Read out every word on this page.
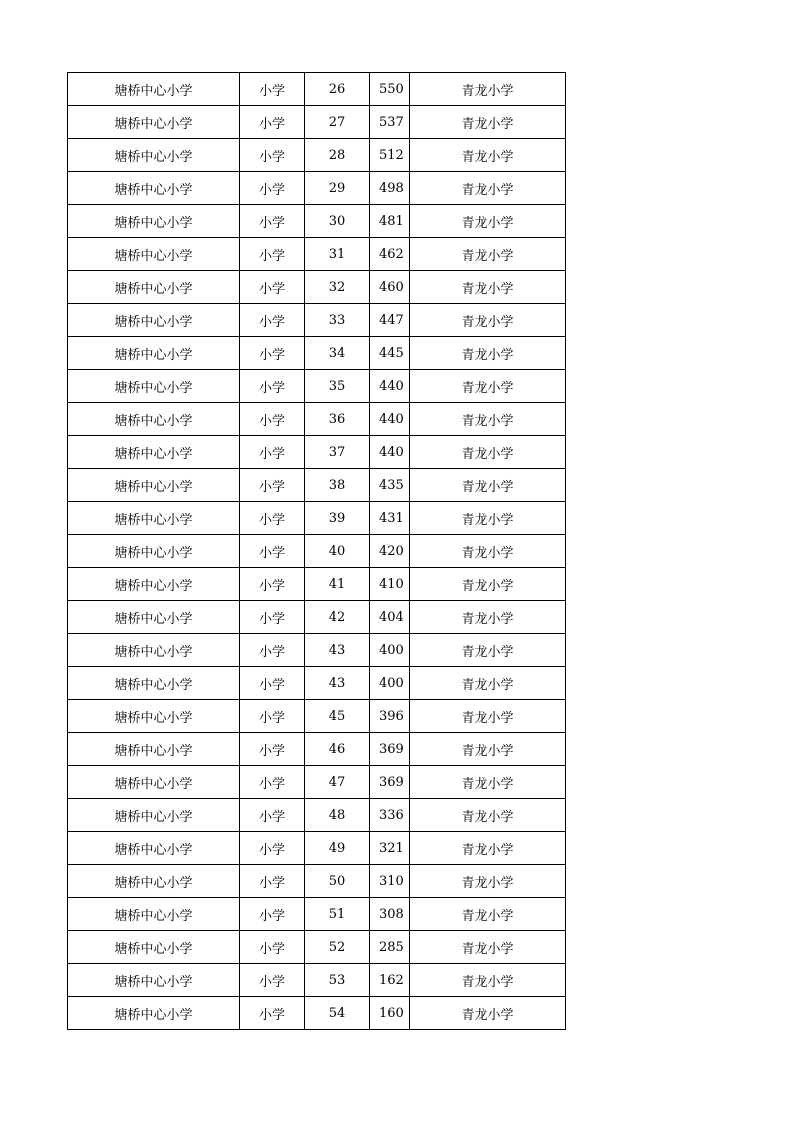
塘桥中心小学	小学	26	550	青龙小学
塘桥中心小学	小学	27	537	青龙小学
塘桥中心小学	小学	28	512	青龙小学
塘桥中心小学	小学	29	498	青龙小学
塘桥中心小学	小学	30	481	青龙小学
塘桥中心小学	小学	31	462	青龙小学
塘桥中心小学	小学	32	460	青龙小学
塘桥中心小学	小学	33	447	青龙小学
塘桥中心小学	小学	34	445	青龙小学
塘桥中心小学	小学	35	440	青龙小学
塘桥中心小学	小学	36	440	青龙小学
塘桥中心小学	小学	37	440	青龙小学
塘桥中心小学	小学	38	435	青龙小学
塘桥中心小学	小学	39	431	青龙小学
塘桥中心小学	小学	40	420	青龙小学
塘桥中心小学	小学	41	410	青龙小学
塘桥中心小学	小学	42	404	青龙小学
塘桥中心小学	小学	43	400	青龙小学
塘桥中心小学	小学	43	400	青龙小学
塘桥中心小学	小学	45	396	青龙小学
塘桥中心小学	小学	46	369	青龙小学
塘桥中心小学	小学	47	369	青龙小学
塘桥中心小学	小学	48	336	青龙小学
塘桥中心小学	小学	49	321	青龙小学
塘桥中心小学	小学	50	310	青龙小学
塘桥中心小学	小学	51	308	青龙小学
塘桥中心小学	小学	52	285	青龙小学
塘桥中心小学	小学	53	162	青龙小学
塘桥中心小学	小学	54	160	青龙小学
